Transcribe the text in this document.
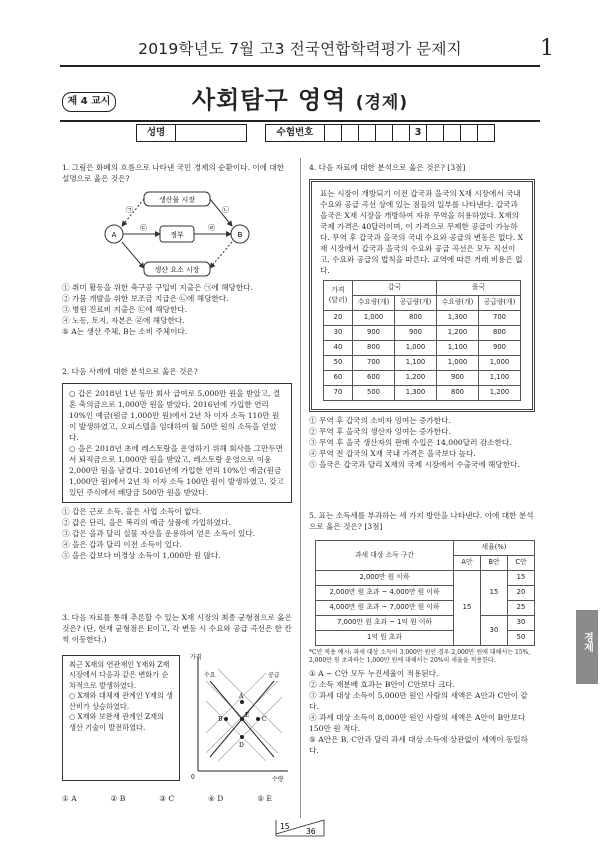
2019학년도 7월 고3 전국연합학력평가 문제지	1
제 4 교시	사회탐구 영역 (경제)
성명			수험번호						3				

1. 그림은 화폐의 흐름으로 나타낸 국민 경제의 순환이다. 이에 대한 설명으로 옳은 것은?

생산물 시장
생산 요소 시장
정부
A	B
㉠	㉡
㉢	㉣

① 취미 활동을 위한 축구공 구입비 지출은 ㉠에 해당한다.

② 가뭄 개발을 위한 보조금 지급은 ㉡에 해당한다.

③ 병원 진료비 지출은 ㉢에 해당한다.

④ 노동, 토지, 자본은 ㉣에 해당한다.

⑤ A는 생산 주체, B는 소비 주체이다.

2. 다음 사례에 대한 분석으로 옳은 것은?

○ 갑은 2018년 1년 동안 회사 급여로 5,000만 원을 받았고, 결혼 축의금으로 1,000만 원을 받았다. 2016년에 가입한 연리 10%인 예금(원금 1,000만 원)에서 2년 차 이자 소득 110만 원이 발생하였고, 오피스텔을 임대하여 월 50만 원의 소득을 얻었다.

○ 을은 2018년 초에 레스토랑을 운영하기 위해 회사를 그만두면서 퇴직금으로 1,000만 원을 받았고, 레스토랑 운영으로 이윤 2,000만 원을 남겼다. 2016년에 가입한 연리 10%인 예금(원금 1,000만 원)에서 2년 차 이자 소득 100만 원이 발생하였고, 갖고 있던 주식에서 배당금 500만 원을 받았다.

① 갑은 근로 소득, 을은 사업 소득이 없다.

② 갑은 단리, 을은 복리의 예금 상품에 가입하였다.

③ 갑은 을과 달리 실물 자산을 운용하여 얻은 소득이 있다.

④ 을은 갑과 달리 이전 소득이 있다.

⑤ 을은 갑보다 비경상 소득이 1,000만 원 많다.

3. 다음 자료를 통해 추론할 수 있는 X재 시장의 최종 균형점으로 옳은 것은? (단, 현재 균형점은 E이고, 각 변동 시 수요와 공급 곡선은 한 칸씩 이동한다.)

최근 X재의 연관재인 Y재와 Z재 시장에서 다음과 같은 변화가 순차적으로 발생하였다.

○ X재와 대체재 관계인 Y재의 생산비가 상승하였다.

○ X재와 보완재 관계인 Z재의 생산 기술이 발전하였다.

가격
수량
0
공급
수요
A
B	C
D
E
① A	② B	③ C	④ D	⑤ E

4. 다음 자료에 대한 분석으로 옳은 것은? [3점]

표는 시장이 개방되기 이전 갑국과 을국의 X재 시장에서 국내 수요와 공급 곡선 상에 있는 점들의 일부를 나타낸다. 갑국과 을국은 X재 시장을 개방하여 자유 무역을 허용하였다. X재의 국제 가격은 40달러이며, 이 가격으로 무제한 공급이 가능하다. 무역 후 갑국과 을국의 국내 수요와 공급의 변동은 없다. X재 시장에서 갑국과 을국의 수요와 공급 곡선은 모두 직선이고, 수요와 공급의 법칙을 따른다. 교역에 따른 거래 비용은 없다.

가격 (달러)	갑국		을국	
	수요량(개)	공급량(개)	수요량(개)	공급량(개)
20	1,000	800	1,300	700
30	900	900	1,200	800
40	800	1,000	1,100	900
50	700	1,100	1,000	1,000
60	600	1,200	900	1,100
70	500	1,300	800	1,200

① 무역 후 갑국의 소비자 잉여는 증가한다.

② 무역 후 을국의 생산자 잉여는 증가한다.

③ 무역 후 을국 생산자의 판매 수입은 14,000달러 감소한다.

④ 무역 전 갑국의 X재 국내 가격은 을국보다 높다.

⑤ 을국은 갑국과 달리 X재의 국제 시장에서 수출국에 해당한다.

5. 표는 소득세를 부과하는 세 가지 방안을 나타낸다. 이에 대한 분석으로 옳은 것은? [3점]

과세 대상 소득 구간	세율(%)		
	A안	B안	C안
2,000만 원 이하	15	15	15
2,000만 원 초과 ~ 4,000만 원 이하			20
4,000만 원 초과 ~ 7,000만 원 이하			25
7,000만 원 초과 ~ 1억 원 이하		30	30
1억 원 초과			50

*C안 적용 예시: 과세 대상 소득이 3,000만 원인 경우 2,000만 원에 대해서는 15%, 2,000만 원 초과하는 1,000만 원에 대해서는 20%의 세율을 적용한다.

① A ~ C안 모두 누진세율이 적용된다.

② 소득 재분배 효과는 B안이 C안보다 크다.

③ 과세 대상 소득이 5,000만 원인 사람의 세액은 A안과 C안이 같다.

④ 과세 대상 소득이 8,000만 원인 사람의 세액은 A안이 B안보다 150만 원 적다.

⑤ A안은 B, C안과 달리 과세 대상 소득에 상관없이 세액이 동일하다.

경제
15
36
